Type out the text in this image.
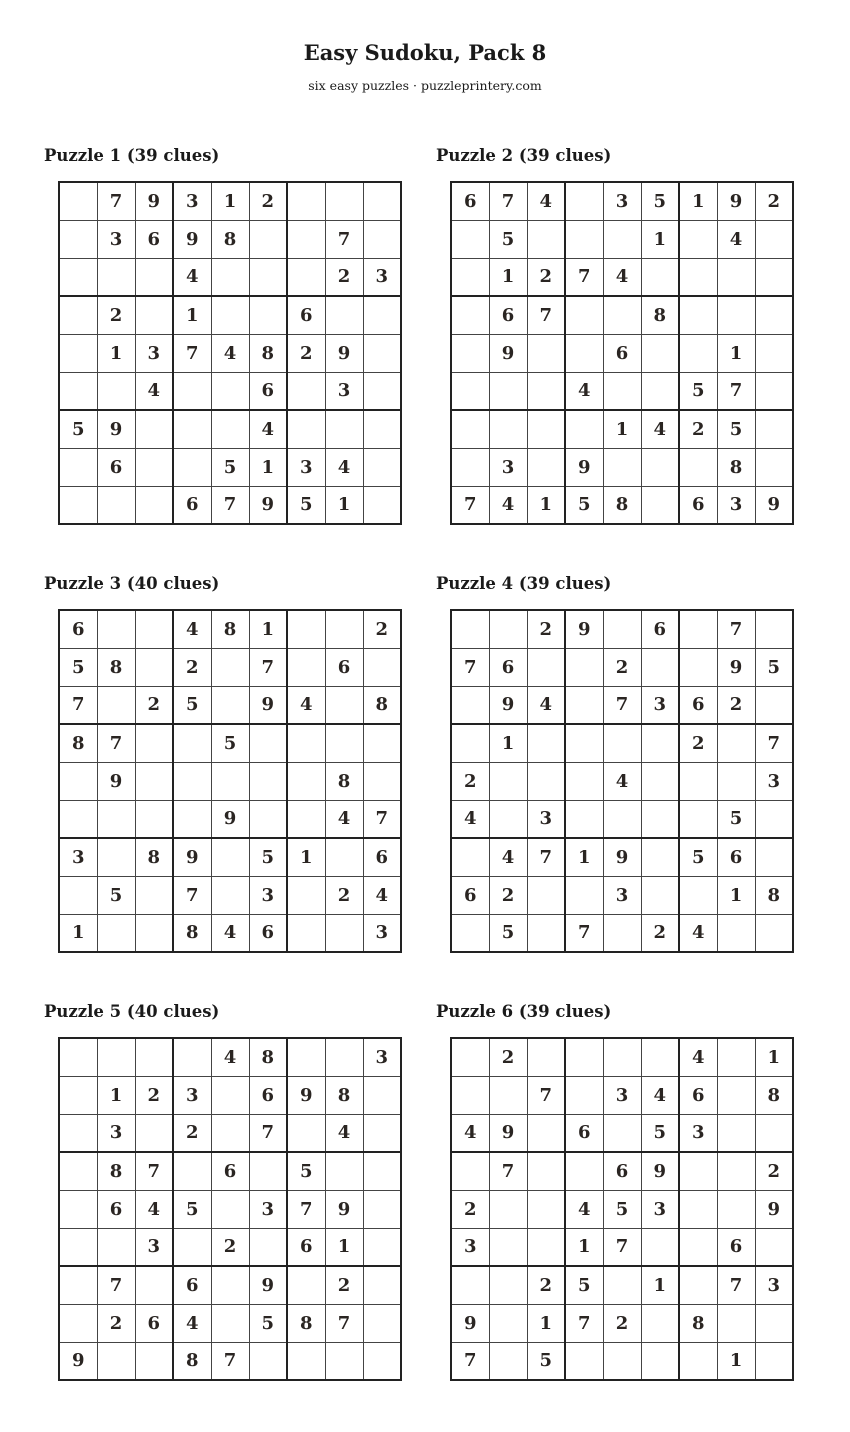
Easy Sudoku, Pack 8
six easy puzzles · puzzleprintery.com
Puzzle 1 (39 clues)
	7	9	3	1	2			
	3	6	9	8			7	
			4				2	3
	2		1			6		
	1	3	7	4	8	2	9	
		4			6		3	
5	9				4			
	6			5	1	3	4	
			6	7	9	5	1	
Puzzle 2 (39 clues)
6	7	4		3	5	1	9	2
	5				1		4	
	1	2	7	4				
	6	7			8			
	9			6			1	
			4			5	7	
				1	4	2	5	
	3		9				8	
7	4	1	5	8		6	3	9
Puzzle 3 (40 clues)
6			4	8	1			2
5	8		2		7		6	
7		2	5		9	4		8
8	7			5				
	9						8	
				9			4	7
3		8	9		5	1		6
	5		7		3		2	4
1			8	4	6			3
Puzzle 4 (39 clues)
		2	9		6		7	
7	6			2			9	5
	9	4		7	3	6	2	
	1					2		7
2				4				3
4		3					5	
	4	7	1	9		5	6	
6	2			3			1	8
	5		7		2	4		
Puzzle 5 (40 clues)
				4	8			3
	1	2	3		6	9	8	
	3		2		7		4	
	8	7		6		5		
	6	4	5		3	7	9	
		3		2		6	1	
	7		6		9		2	
	2	6	4		5	8	7	
9			8	7				
Puzzle 6 (39 clues)
	2					4		1
		7		3	4	6		8
4	9		6		5	3		
	7			6	9			2
2			4	5	3			9
3			1	7			6	
		2	5		1		7	3
9		1	7	2		8		
7		5					1	
